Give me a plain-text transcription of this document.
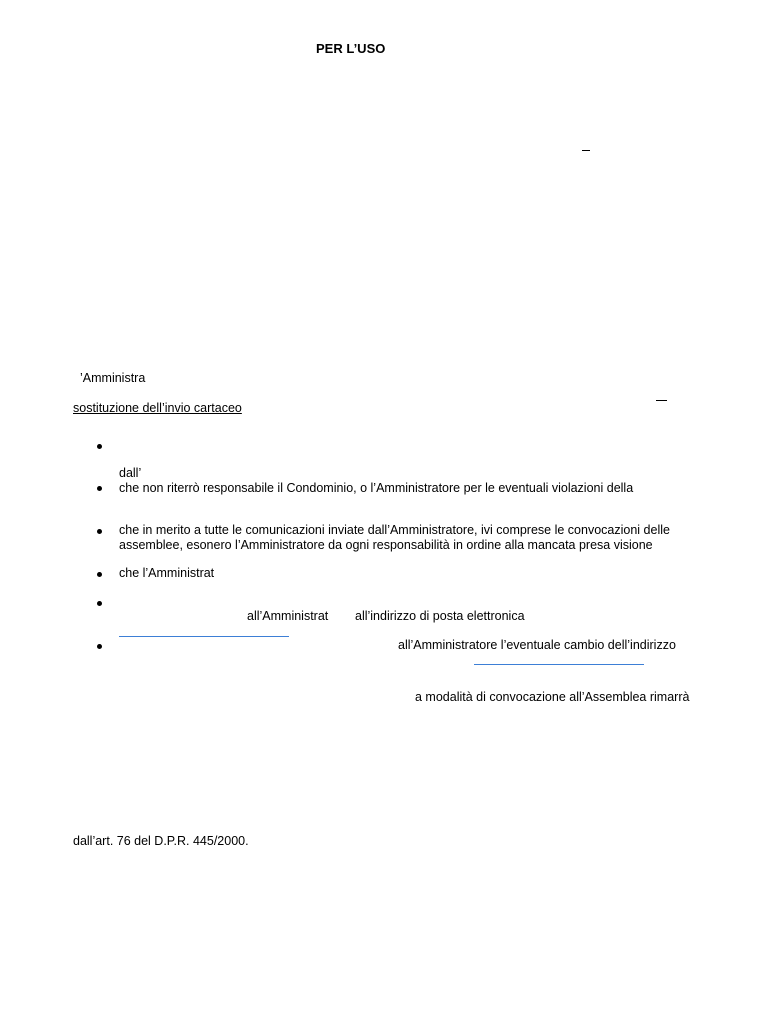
PER L’USO
’Amministra
sostituzione dell’invio cartaceo
dall’
che non riterrò responsabile il Condominio, o l’Amministratore per le eventuali violazioni della
che in merito a tutte le comunicazioni inviate dall’Amministratore, ivi comprese le convocazioni delle
assemblee, esonero l’Amministratore da ogni responsabilità in ordine alla mancata presa visione
che l’Amministrat
all’Amministrat all’indirizzo di posta elettronica
all’Amministratore l’eventuale cambio dell’indirizzo
a modalità di convocazione all’Assemblea rimarrà
dall’art. 76 del D.P.R. 445/2000.
